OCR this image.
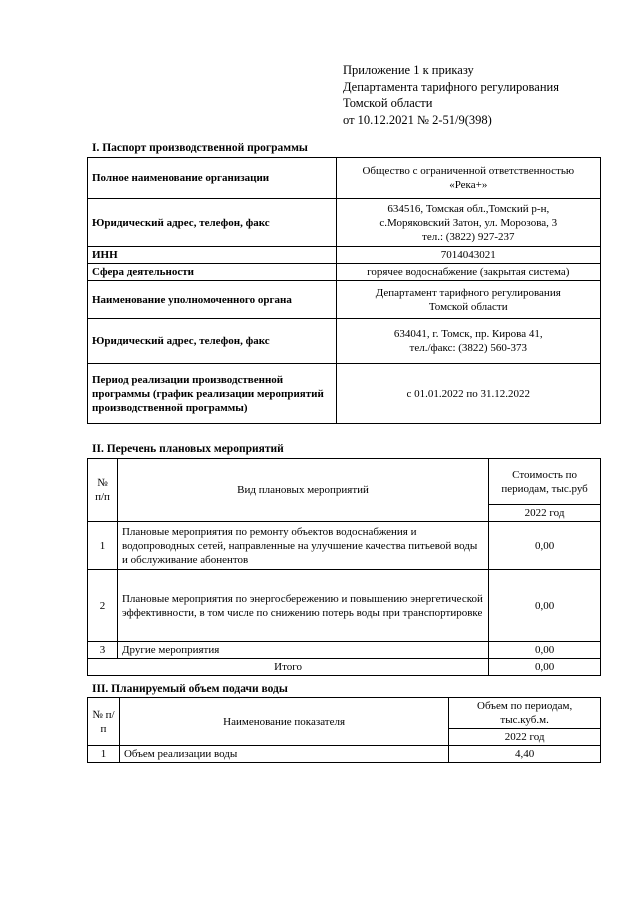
Приложение 1 к приказу
Департамента тарифного регулирования
Томской области
от 10.12.2021 № 2-51/9(398)
I. Паспорт производственной программы
Полное наименование организации	Общество с ограниченной ответственностью
«Река+»

Юридический адрес, телефон, факс	634516, Томская обл.,Томский р-н,
с.Моряковский Затон, ул. Морозова, 3
тел.: (3822) 927-237

ИНН	7014043021
Сфера деятельности	горячее водоснабжение (закрытая система)
Наименование уполномоченного органа	Департамент тарифного регулирования
Томской области

Юридический адрес, телефон, факс	634041, г. Томск, пр. Кирова 41,
тел./факс: (3822) 560-373

Период реализации производственной программы (график реализации мероприятий производственной программы)	с 01.01.2022 по 31.12.2022
II. Перечень плановых мероприятий
№ п/п	Вид плановых мероприятий	Стоимость по периодам, тыс.руб
		2022 год
1	Плановые мероприятия по ремонту объектов водоснабжения и водопроводных сетей, направленные на улучшение качества питьевой воды и обслуживание абонентов	0,00
2	Плановые мероприятия по энергосбережению и повышению энергетической эффективности, в том числе по снижению потерь воды при транспортировке	0,00
3	Другие мероприятия	0,00
Итого		0,00
III. Планируемый объем подачи воды
№ п/п	Наименование показателя	Объем по периодам, тыс.куб.м.
		2022 год
1	Объем реализации воды	4,40
